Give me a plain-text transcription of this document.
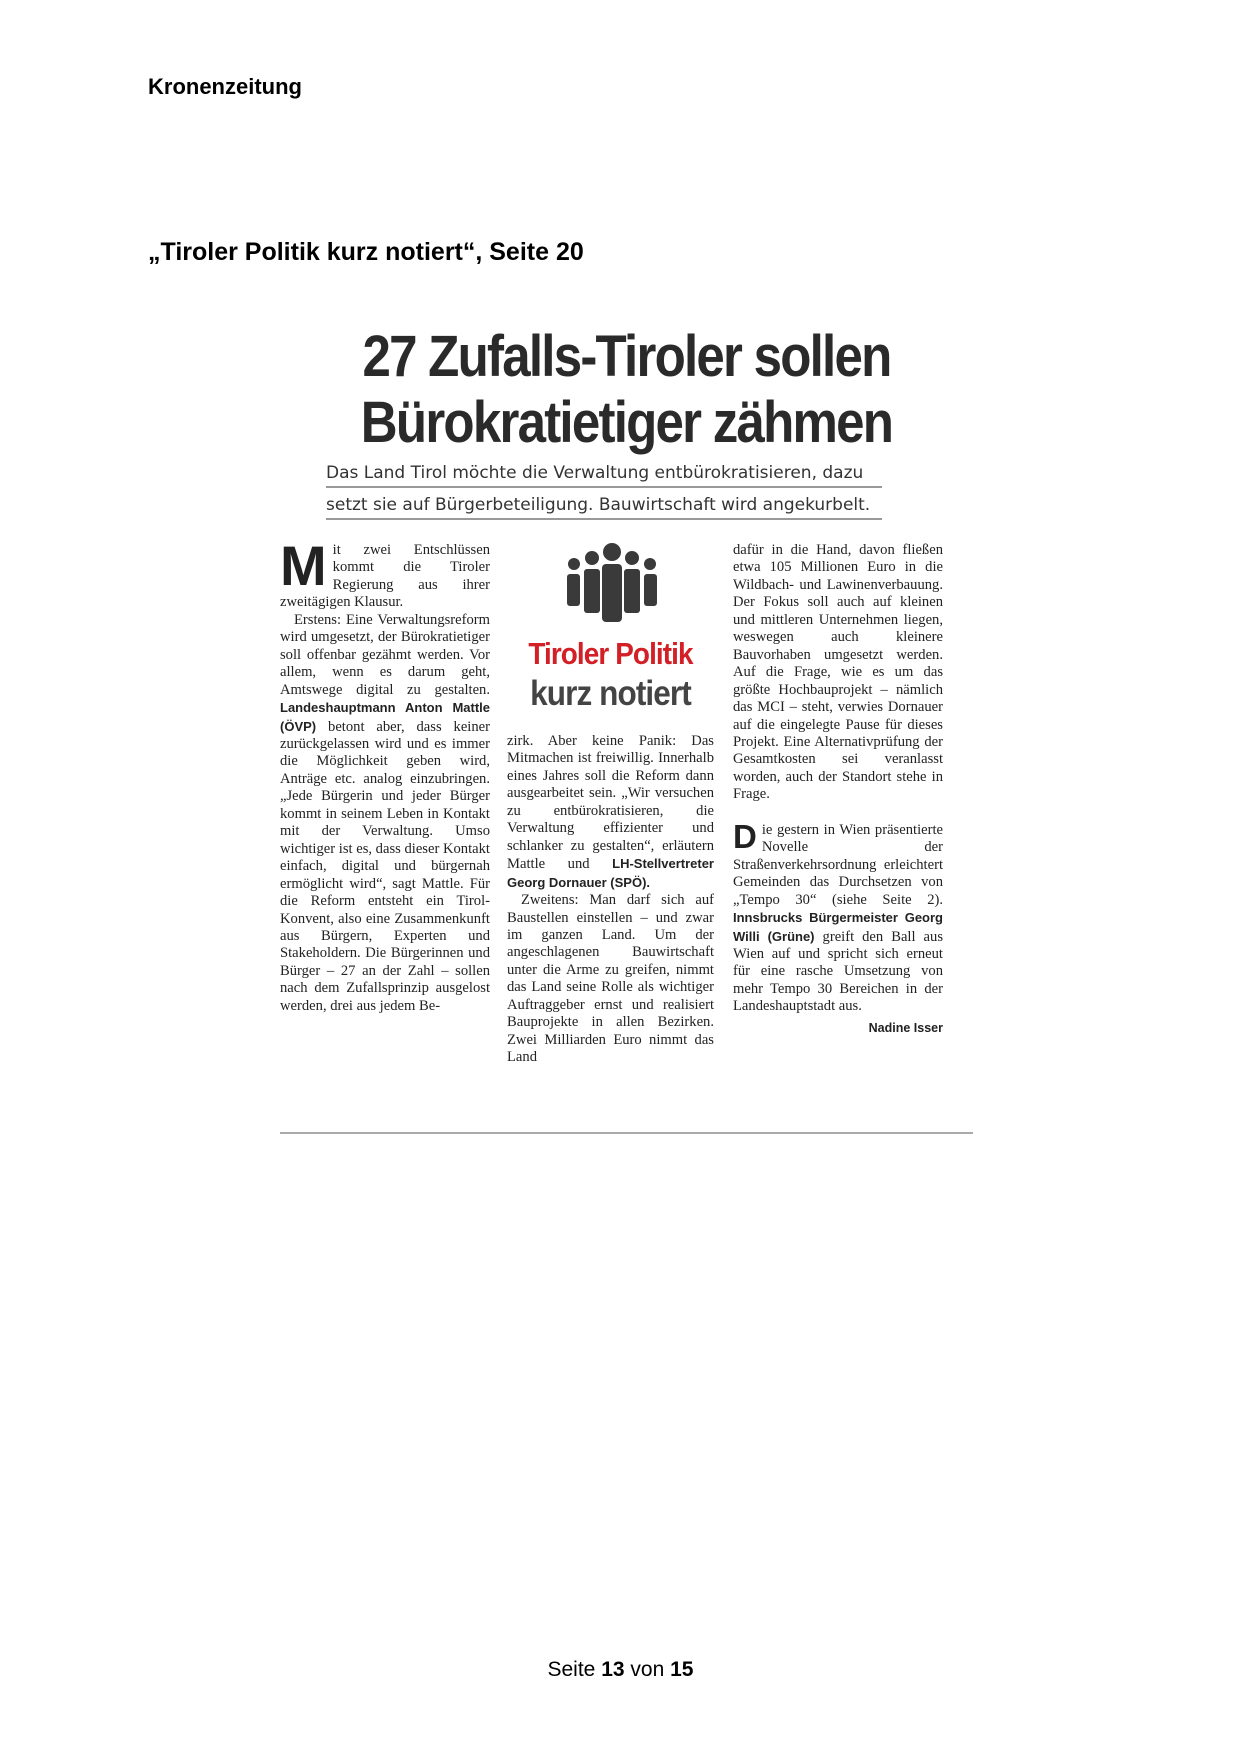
Kronenzeitung
„Tiroler Politik kurz notiert“, Seite 20
27 Zufalls-Tiroler sollen
Bürokratietiger zähmen
Das Land Tirol möchte die Verwaltung entbürokratisieren, dazu
setzt sie auf Bürgerbeteiligung. Bauwirtschaft wird angekurbelt.

Mit zwei Entschlüssen kommt die Tiroler Regierung aus ihrer zweitägigen Klausur.

Erstens: Eine Verwaltungsreform wird umgesetzt, der Bürokratietiger soll offenbar gezähmt werden. Vor allem, wenn es darum geht, Amtswege digital zu gestalten. Landeshauptmann Anton Mattle (ÖVP) betont aber, dass keiner zurückgelassen wird und es immer die Möglichkeit geben wird, Anträge etc. analog einzubringen. „Jede Bürgerin und jeder Bürger kommt in seinem Leben in Kontakt mit der Verwaltung. Umso wichtiger ist es, dass dieser Kontakt einfach, digital und bürgernah ermöglicht wird“, sagt Mattle. Für die Reform entsteht ein Tirol-Konvent, also eine Zusammenkunft aus Bürgern, Experten und Stakeholdern. Die Bürgerinnen und Bürger – 27 an der Zahl – sollen nach dem Zufallsprinzip ausgelost werden, drei aus jedem Be-

Tiroler Politik
kurz notiert

zirk. Aber keine Panik: Das Mitmachen ist freiwillig. Innerhalb eines Jahres soll die Reform dann ausgearbeitet sein. „Wir versuchen zu entbürokratisieren, die Verwaltung effizienter und schlanker zu gestalten“, erläutern Mattle und LH-Stellvertreter Georg Dornauer (SPÖ).

Zweitens: Man darf sich auf Baustellen einstellen – und zwar im ganzen Land. Um der angeschlagenen Bauwirtschaft unter die Arme zu greifen, nimmt das Land seine Rolle als wichtiger Auftraggeber ernst und realisiert Bauprojekte in allen Bezirken. Zwei Milliarden Euro nimmt das Land

dafür in die Hand, davon fließen etwa 105 Millionen Euro in die Wildbach- und Lawinenverbauung. Der Fokus soll auch auf kleinen und mittleren Unternehmen liegen, weswegen auch kleinere Bauvorhaben umgesetzt werden. Auf die Frage, wie es um das größte Hochbauprojekt – nämlich das MCI – steht, verwies Dornauer auf die eingelegte Pause für dieses Projekt. Eine Alternativprüfung der Gesamtkosten sei veranlasst worden, auch der Standort stehe in Frage.

Die gestern in Wien präsentierte Novelle der Straßenverkehrsordnung erleichtert Gemeinden das Durchsetzen von „Tempo 30“ (siehe Seite 2). Innsbrucks Bürgermeister Georg Willi (Grüne) greift den Ball aus Wien auf und spricht sich erneut für eine rasche Umsetzung von mehr Tempo 30 Bereichen in der Landeshauptstadt aus.

Nadine Isser

Seite 13 von 15
